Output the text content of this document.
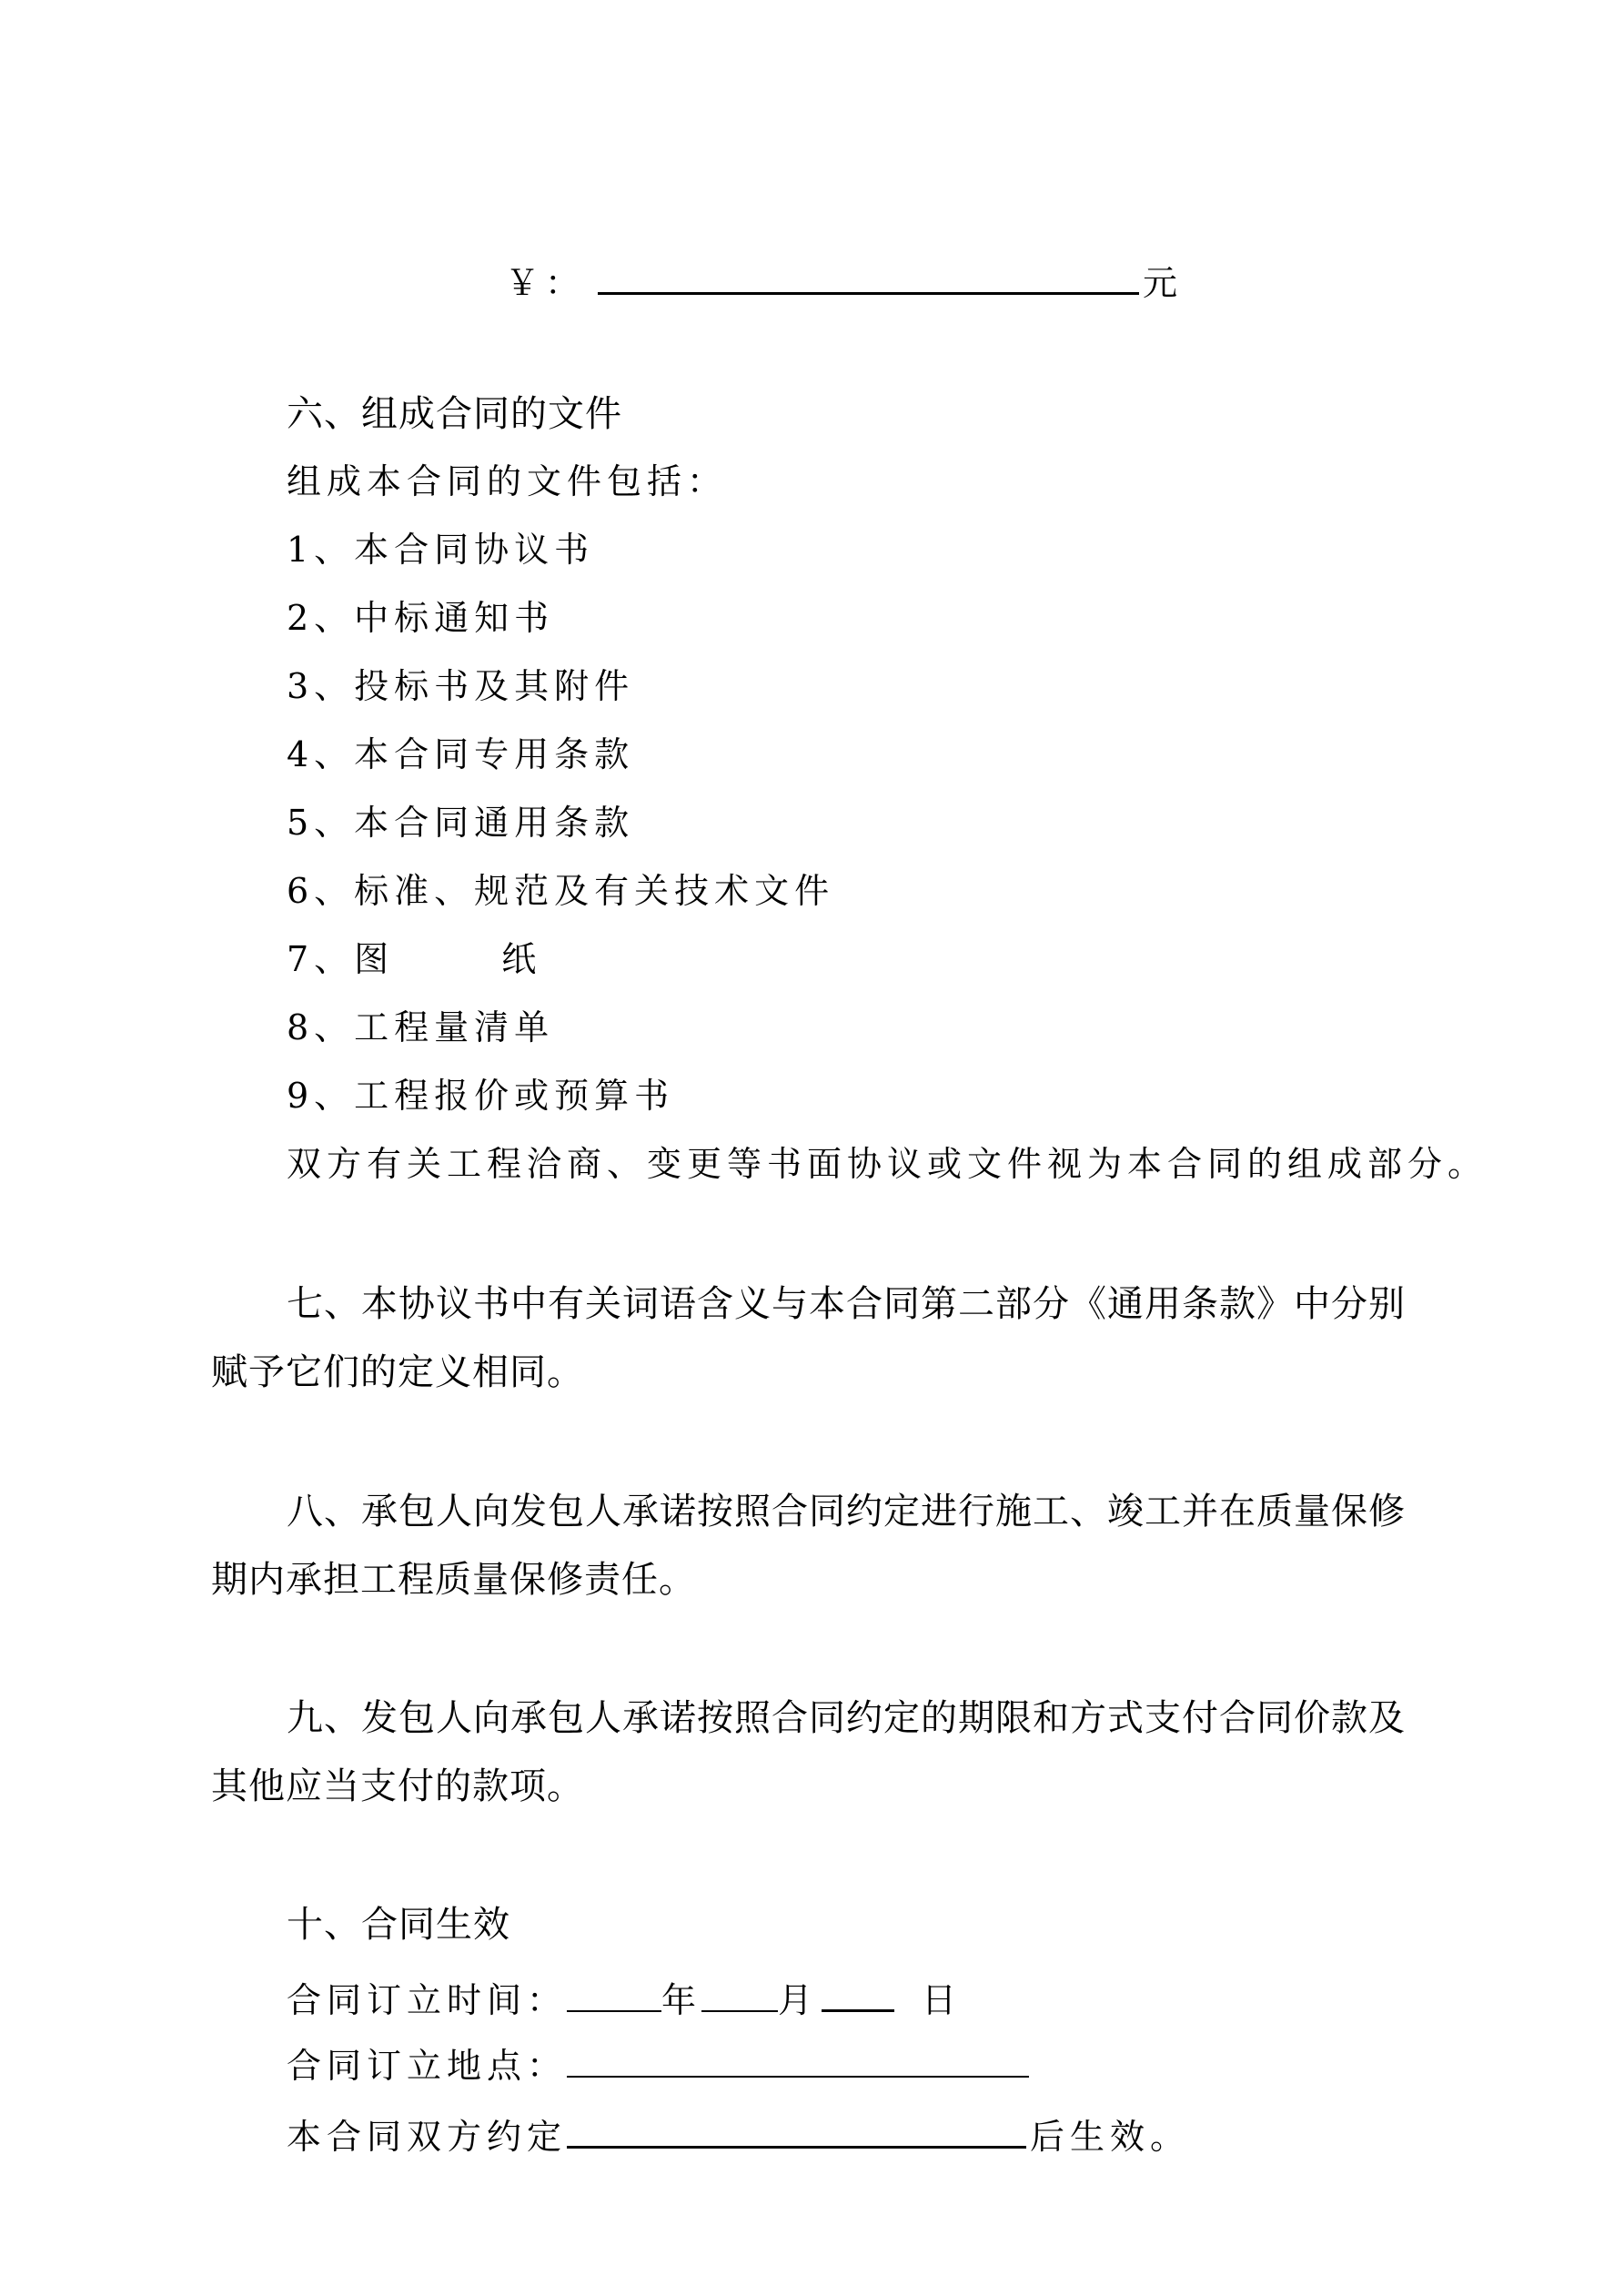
￥：	元
六、组成合同的文件
组成本合同的文件包括：
1、本合同协议书
2、中标通知书
3、投标书及其附件
4、本合同专用条款
5、本合同通用条款
6、标准、规范及有关技术文件
7、图	纸
8、工程量清单
9、工程报价或预算书
双方有关工程洽商、变更等书面协议或文件视为本合同的组成部分。
七、本协议书中有关词语含义与本合同第二部分《通用条款》中分别
赋予它们的定义相同。
八、承包人向发包人承诺按照合同约定进行施工、竣工并在质量保修
期内承担工程质量保修责任。
九、发包人向承包人承诺按照合同约定的期限和方式支付合同价款及
其他应当支付的款项。
十、合同生效
合同订立时间：	年 月	日
合同订立地点：
本合同双方约定	后生效。
